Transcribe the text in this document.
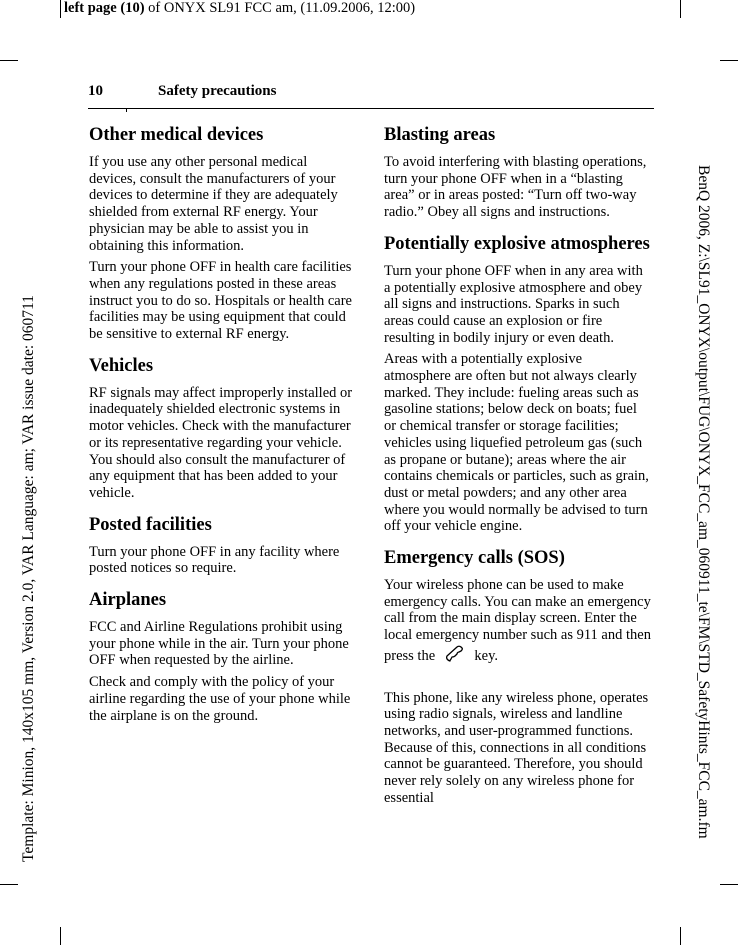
left page (10) of ONYX SL91 FCC am, (11.09.2006, 12:00)
Template: Minion, 140x105 mm, Version 2.0, VAR Language: am; VAR issue date: 060711	BenQ 2006, Z:\SL91_ONYX\output\FUG\ONYX_FCC_am_060911_te\FM\STD_SafetyHints_FCC_am.fm
10	Safety precautions
Other medical devices

If you use any other personal medical devices, consult the manufacturers of your devices to determine if they are adequately shielded from external RF energy. Your physician may be able to assist you in obtaining this information.

Turn your phone OFF in health care facilities when any regulations posted in these areas instruct you to do so. Hospitals or health care facilities may be using equipment that could be sensitive to external RF energy.

Vehicles

RF signals may affect improperly installed or inadequately shielded electronic systems in motor vehicles. Check with the manufacturer or its representative regarding your vehicle. You should also consult the manufacturer of any equipment that has been added to your vehicle.

Posted facilities

Turn your phone OFF in any facility where posted notices so require.

Airplanes

FCC and Airline Regulations prohibit using your phone while in the air. Turn your phone OFF when requested by the airline.

Check and comply with the policy of your airline regarding the use of your phone while the airplane is on the ground.

Blasting areas

To avoid interfering with blasting operations, turn your phone OFF when in a “blasting area” or in areas posted: “Turn off two-way radio.” Obey all signs and instructions.

Potentially explosive atmospheres

Turn your phone OFF when in any area with a potentially explosive atmosphere and obey all signs and instructions. Sparks in such areas could cause an explosion or fire resulting in bodily injury or even death.

Areas with a potentially explosive atmosphere are often but not always clearly marked. They include: fueling areas such as gasoline stations; below deck on boats; fuel or chemical transfer or storage facilities; vehicles using liquefied petroleum gas (such as propane or butane); areas where the air contains chemicals or particles, such as grain, dust or metal powders; and any other area where you would normally be advised to turn off your vehicle engine.

Emergency calls (SOS)

Your wireless phone can be used to make emergency calls. You can make an emergency call from the main display screen. Enter the local emergency number such as 911 and then press the	key.

This phone, like any wireless phone, operates using radio signals, wireless and landline networks, and user-programmed functions. Because of this, connections in all conditions cannot be guaranteed. Therefore, you should never rely solely on any wireless phone for essential
